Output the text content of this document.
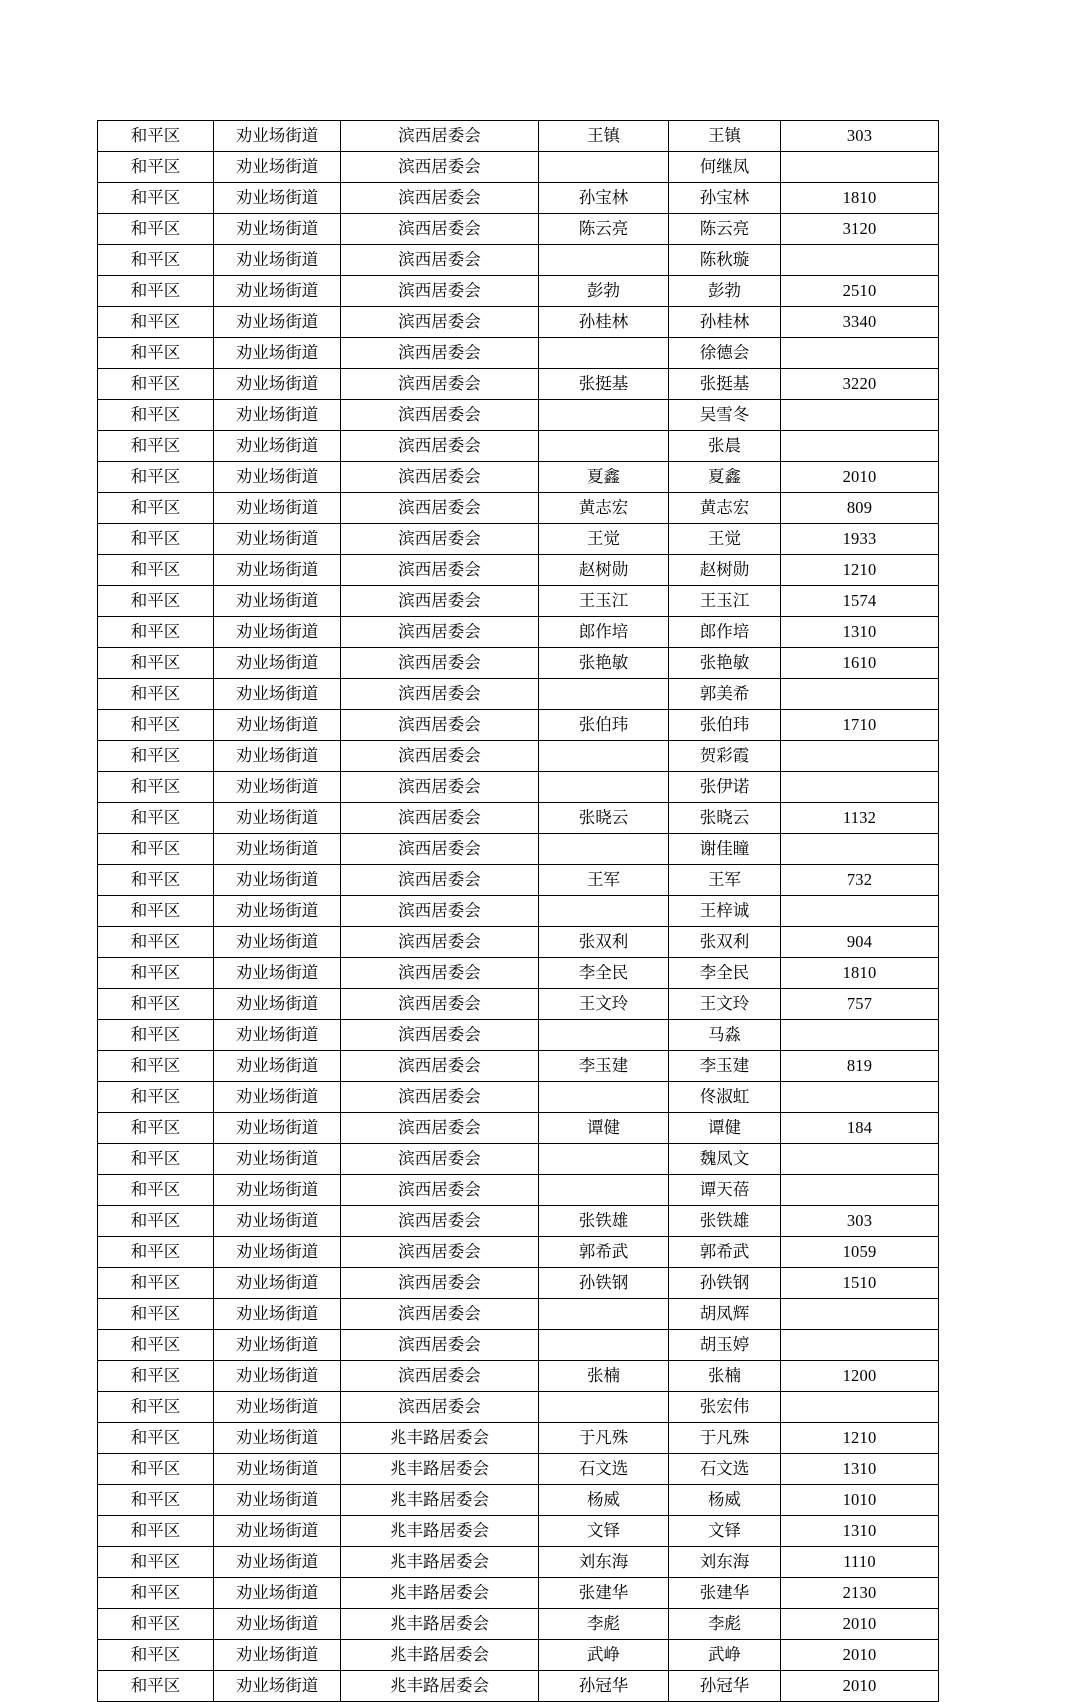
和平区	劝业场街道	滨西居委会	王镇	王镇	303
和平区	劝业场街道	滨西居委会		何继凤	
和平区	劝业场街道	滨西居委会	孙宝林	孙宝林	1810
和平区	劝业场街道	滨西居委会	陈云亮	陈云亮	3120
和平区	劝业场街道	滨西居委会		陈秋璇	
和平区	劝业场街道	滨西居委会	彭勃	彭勃	2510
和平区	劝业场街道	滨西居委会	孙桂林	孙桂林	3340
和平区	劝业场街道	滨西居委会		徐德会	
和平区	劝业场街道	滨西居委会	张挺基	张挺基	3220
和平区	劝业场街道	滨西居委会		吴雪冬	
和平区	劝业场街道	滨西居委会		张晨	
和平区	劝业场街道	滨西居委会	夏鑫	夏鑫	2010
和平区	劝业场街道	滨西居委会	黄志宏	黄志宏	809
和平区	劝业场街道	滨西居委会	王觉	王觉	1933
和平区	劝业场街道	滨西居委会	赵树勋	赵树勋	1210
和平区	劝业场街道	滨西居委会	王玉江	王玉江	1574
和平区	劝业场街道	滨西居委会	郎作培	郎作培	1310
和平区	劝业场街道	滨西居委会	张艳敏	张艳敏	1610
和平区	劝业场街道	滨西居委会		郭美希	
和平区	劝业场街道	滨西居委会	张伯玮	张伯玮	1710
和平区	劝业场街道	滨西居委会		贺彩霞	
和平区	劝业场街道	滨西居委会		张伊诺	
和平区	劝业场街道	滨西居委会	张晓云	张晓云	1132
和平区	劝业场街道	滨西居委会		谢佳瞳	
和平区	劝业场街道	滨西居委会	王军	王军	732
和平区	劝业场街道	滨西居委会		王梓诚	
和平区	劝业场街道	滨西居委会	张双利	张双利	904
和平区	劝业场街道	滨西居委会	李全民	李全民	1810
和平区	劝业场街道	滨西居委会	王文玲	王文玲	757
和平区	劝业场街道	滨西居委会		马淼	
和平区	劝业场街道	滨西居委会	李玉建	李玉建	819
和平区	劝业场街道	滨西居委会		佟淑虹	
和平区	劝业场街道	滨西居委会	谭健	谭健	184
和平区	劝业场街道	滨西居委会		魏凤文	
和平区	劝业场街道	滨西居委会		谭天蓓	
和平区	劝业场街道	滨西居委会	张铁雄	张铁雄	303
和平区	劝业场街道	滨西居委会	郭希武	郭希武	1059
和平区	劝业场街道	滨西居委会	孙铁钢	孙铁钢	1510
和平区	劝业场街道	滨西居委会		胡凤辉	
和平区	劝业场街道	滨西居委会		胡玉婷	
和平区	劝业场街道	滨西居委会	张楠	张楠	1200
和平区	劝业场街道	滨西居委会		张宏伟	
和平区	劝业场街道	兆丰路居委会	于凡殊	于凡殊	1210
和平区	劝业场街道	兆丰路居委会	石文选	石文选	1310
和平区	劝业场街道	兆丰路居委会	杨威	杨威	1010
和平区	劝业场街道	兆丰路居委会	文铎	文铎	1310
和平区	劝业场街道	兆丰路居委会	刘东海	刘东海	1110
和平区	劝业场街道	兆丰路居委会	张建华	张建华	2130
和平区	劝业场街道	兆丰路居委会	李彪	李彪	2010
和平区	劝业场街道	兆丰路居委会	武峥	武峥	2010
和平区	劝业场街道	兆丰路居委会	孙冠华	孙冠华	2010
